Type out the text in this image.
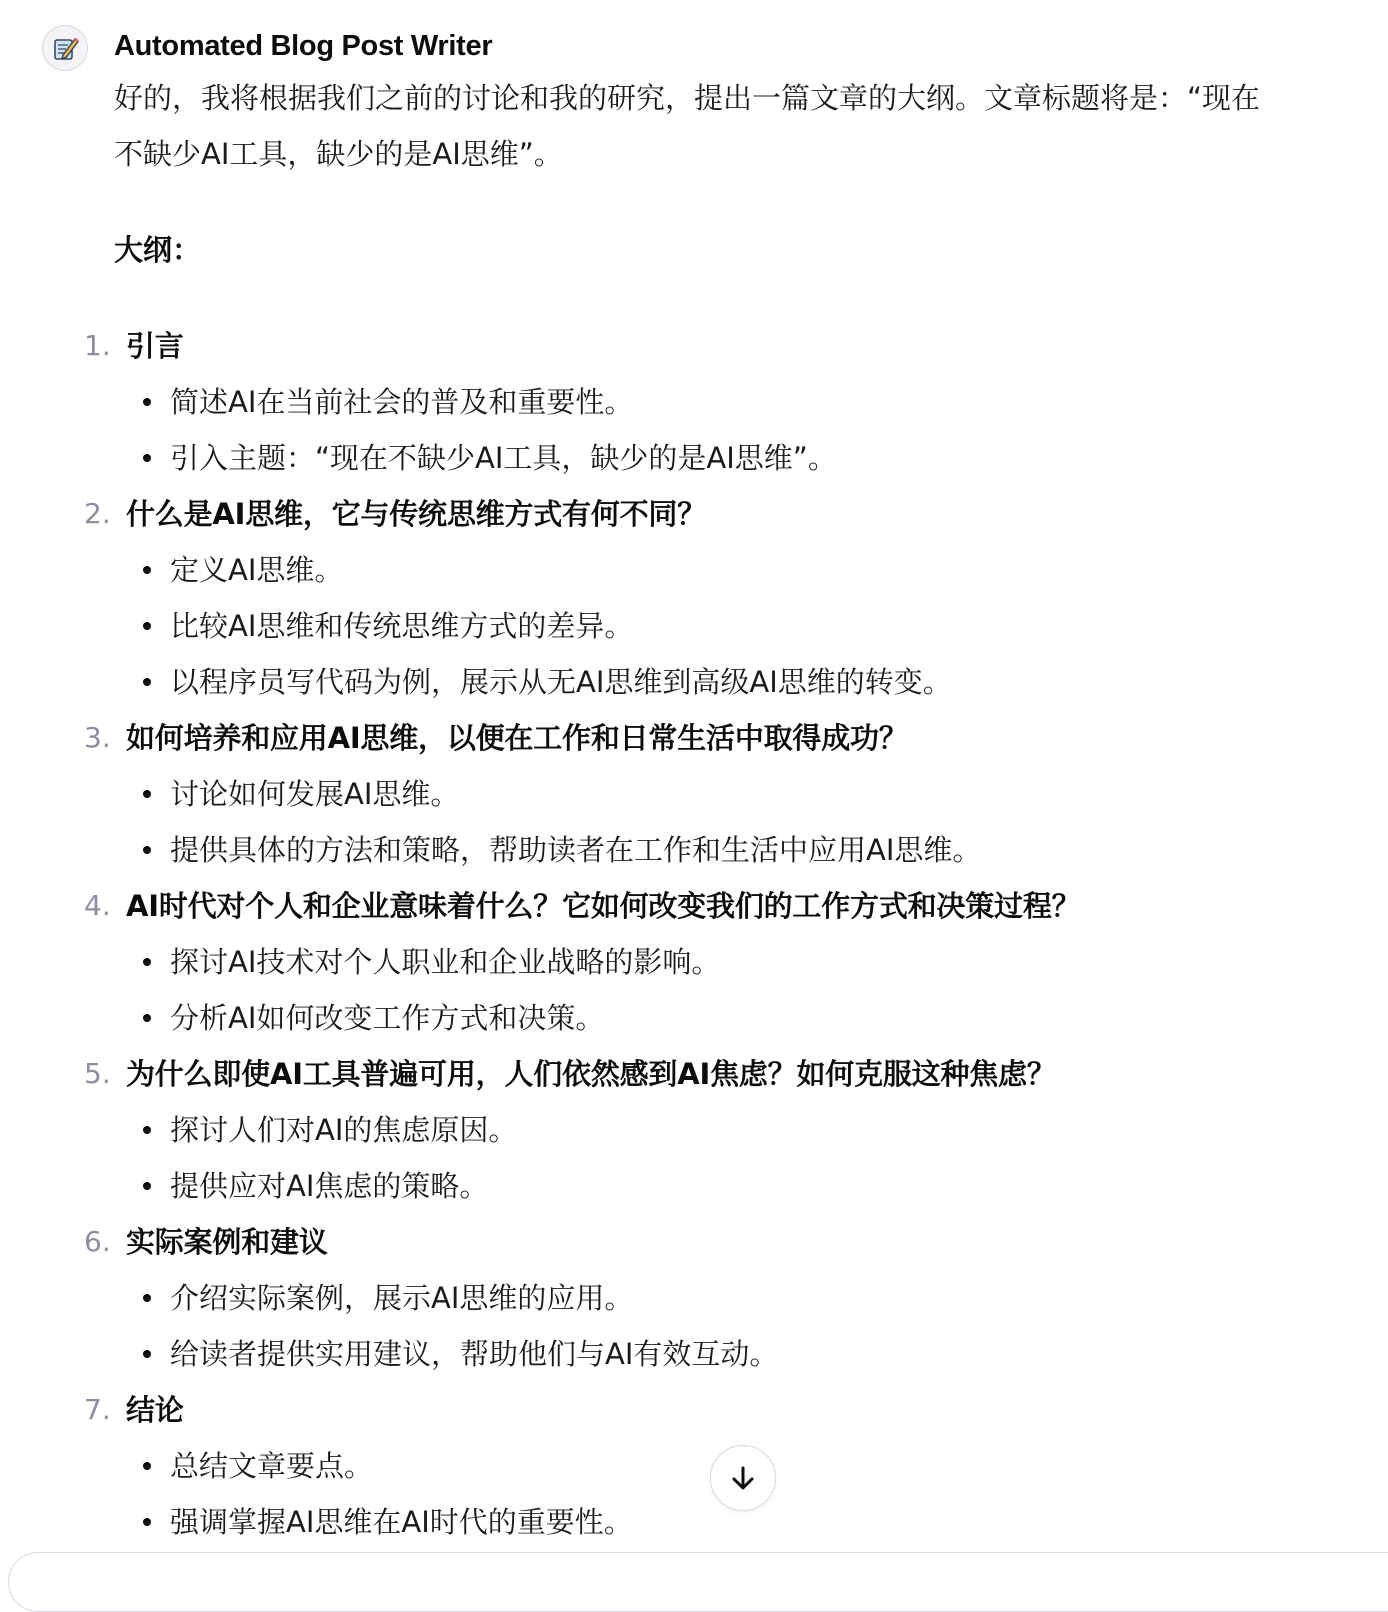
Automated Blog Post Writer

好的，我将根据我们之前的讨论和我的研究，提出一篇文章的大纲。文章标题将是：“现在不缺少AI工具，缺少的是AI思维”。

大纲：

1. 引言
简述AI在当前社会的普及和重要性。
引入主题：“现在不缺少AI工具，缺少的是AI思维”。
2. 什么是AI思维，它与传统思维方式有何不同？
定义AI思维。
比较AI思维和传统思维方式的差异。
以程序员写代码为例，展示从无AI思维到高级AI思维的转变。
3. 如何培养和应用AI思维，以便在工作和日常生活中取得成功？
讨论如何发展AI思维。
提供具体的方法和策略，帮助读者在工作和生活中应用AI思维。
4. AI时代对个人和企业意味着什么？它如何改变我们的工作方式和决策过程？
探讨AI技术对个人职业和企业战略的影响。
分析AI如何改变工作方式和决策。
5. 为什么即使AI工具普遍可用，人们依然感到AI焦虑？如何克服这种焦虑？
探讨人们对AI的焦虑原因。
提供应对AI焦虑的策略。
6. 实际案例和建议
介绍实际案例，展示AI思维的应用。
给读者提供实用建议，帮助他们与AI有效互动。
7. 结论
总结文章要点。
强调掌握AI思维在AI时代的重要性。
